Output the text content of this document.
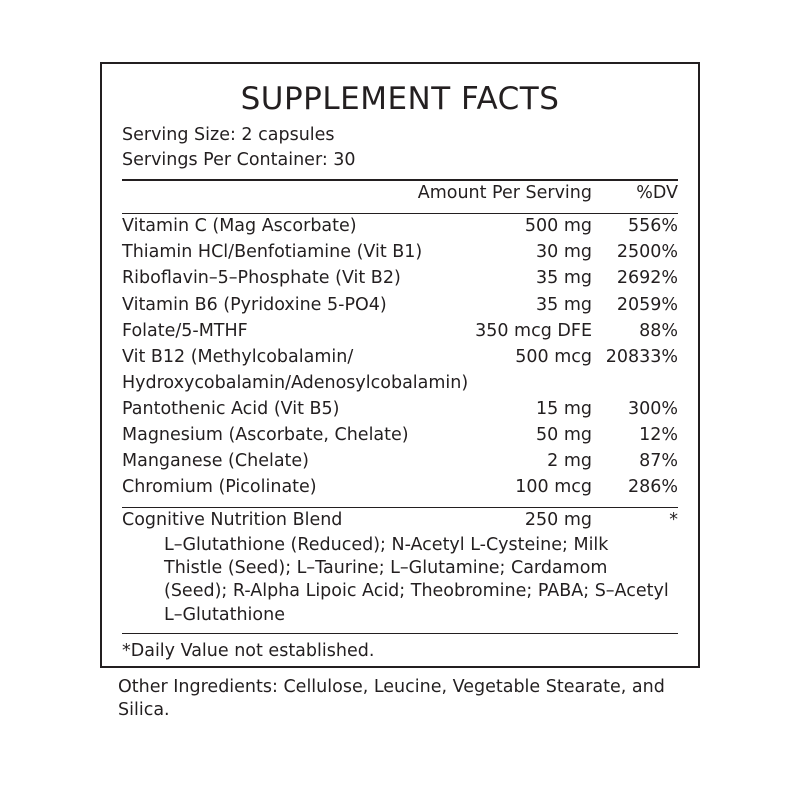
SUPPLEMENT FACTS
Serving Size: 2 capsules
Servings Per Container: 30
	Amount Per Serving	%DV
Vitamin C (Mag Ascorbate)	500 mg	556%
Thiamin HCl/Benfotiamine (Vit B1)	30 mg	2500%
Riboflavin–5–Phosphate (Vit B2)	35 mg	2692%
Vitamin B6 (Pyridoxine 5-PO4)	35 mg	2059%
Folate/5-MTHF	350 mcg DFE	88%
Vit B12 (Methylcobalamin/	500 mcg	20833%
Hydroxycobalamin/Adenosylcobalamin)		
Pantothenic Acid (Vit B5)	15 mg	300%
Magnesium (Ascorbate, Chelate)	50 mg	12%
Manganese (Chelate)	2 mg	87%
Chromium (Picolinate)	100 mcg	286%
Cognitive Nutrition Blend	250 mg	*
L–Glutathione (Reduced); N-Acetyl L-Cysteine; Milk Thistle (Seed); L–Taurine; L–Glutamine; Cardamom (Seed); R-Alpha Lipoic Acid; Theobromine; PABA; S–Acetyl L–Glutathione
*Daily Value not established.
Other Ingredients: Cellulose, Leucine, Vegetable Stearate, and Silica.
